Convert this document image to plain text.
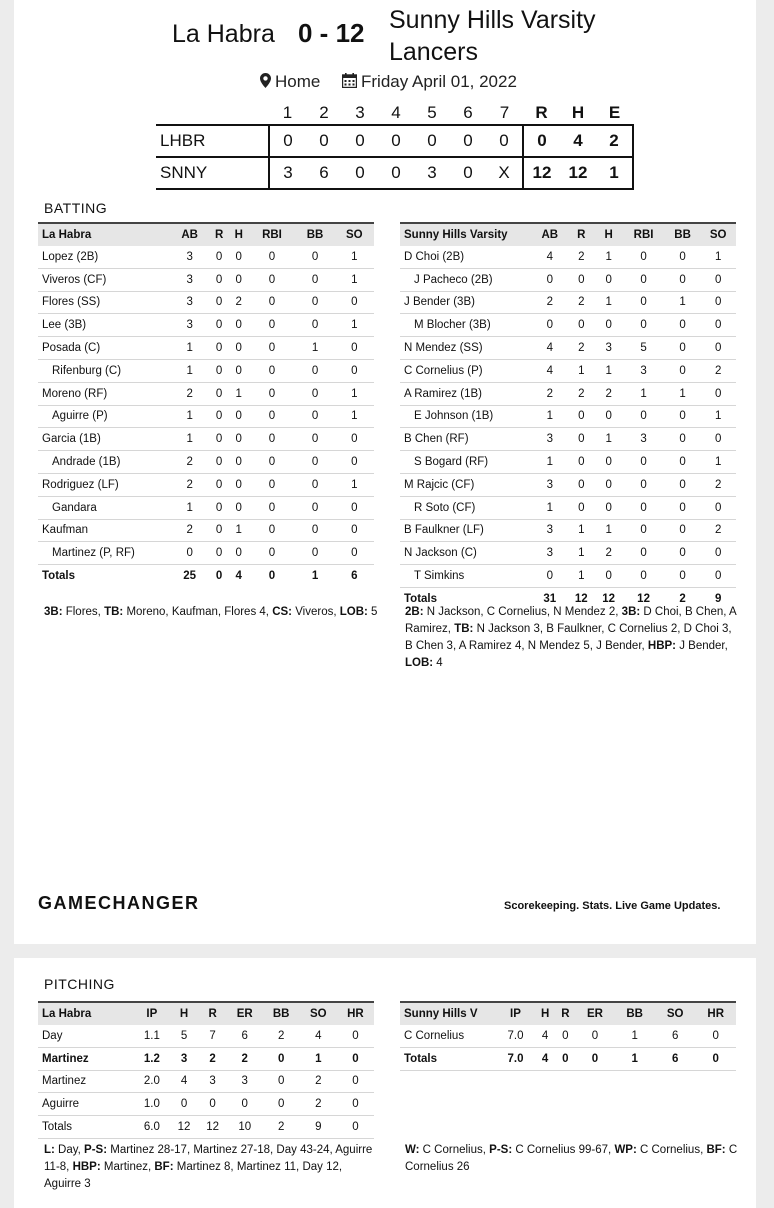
La Habra 0 - 12 Sunny Hills Varsity Lancers
Home	Friday April 01, 2022
	1	2	3	4	5	6	7	R	H	E
LHBR	0	0	0	0	0	0	0	0	4	2
SNNY	3	6	0	0	3	0	X	12	12	1
BATTING
La Habra	AB	R	H	RBI	BB	SO
Lopez (2B)	3	0	0	0	0	1
Viveros (CF)	3	0	0	0	0	1
Flores (SS)	3	0	2	0	0	0
Lee (3B)	3	0	0	0	0	1
Posada (C)	1	0	0	0	1	0
Rifenburg (C)	1	0	0	0	0	0
Moreno (RF)	2	0	1	0	0	1
Aguirre (P)	1	0	0	0	0	1
Garcia (1B)	1	0	0	0	0	0
Andrade (1B)	2	0	0	0	0	0
Rodriguez (LF)	2	0	0	0	0	1
Gandara	1	0	0	0	0	0
Kaufman	2	0	1	0	0	0
Martinez (P, RF)	0	0	0	0	0	0
Totals	25	0	4	0	1	6
Sunny Hills Varsity	AB	R	H	RBI	BB	SO
D Choi (2B)	4	2	1	0	0	1
J Pacheco (2B)	0	0	0	0	0	0
J Bender (3B)	2	2	1	0	1	0
M Blocher (3B)	0	0	0	0	0	0
N Mendez (SS)	4	2	3	5	0	0
C Cornelius (P)	4	1	1	3	0	2
A Ramirez (1B)	2	2	2	1	1	0
E Johnson (1B)	1	0	0	0	0	1
B Chen (RF)	3	0	1	3	0	0
S Bogard (RF)	1	0	0	0	0	1
M Rajcic (CF)	3	0	0	0	0	2
R Soto (CF)	1	0	0	0	0	0
B Faulkner (LF)	3	1	1	0	0	2
N Jackson (C)	3	1	2	0	0	0
T Simkins	0	1	0	0	0	0
Totals	31	12	12	12	2	9
3B: Flores, TB: Moreno, Kaufman, Flores 4, CS: Viveros, LOB: 5 2B: N Jackson, C Cornelius, N Mendez 2, 3B: D Choi, B Chen, A Ramirez, TB: N Jackson 3, B Faulkner, C Cornelius 2, D Choi 3, B Chen 3, A Ramirez 4, N Mendez 5, J Bender, HBP: J Bender, LOB: 4
GAMECHANGER	Scorekeeping. Stats. Live Game Updates.
PITCHING
La Habra	IP	H	R	ER	BB	SO	HR
Day	1.1	5	7	6	2	4	0
Martinez	1.2	3	2	2	0	1	0
Martinez	2.0	4	3	3	0	2	0
Aguirre	1.0	0	0	0	0	2	0
Totals	6.0	12	12	10	2	9	0
Sunny Hills V	IP	H	R	ER	BB	SO	HR
C Cornelius	7.0	4	0	0	1	6	0
Totals	7.0	4	0	0	1	6	0
L: Day, P-S: Martinez 28-17, Martinez 27-18, Day 43-24, Aguirre 11-8, HBP: Martinez, BF: Martinez 8, Martinez 11, Day 12, Aguirre 3
W: C Cornelius, P-S: C Cornelius 99-67, WP: C Cornelius, BF: C Cornelius 26
